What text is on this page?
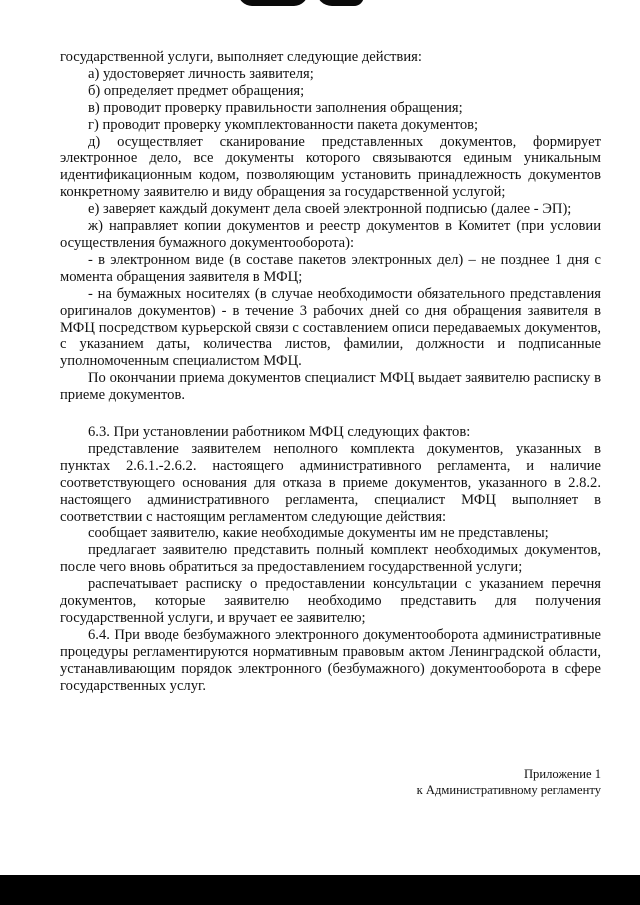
государственной услуги, выполняет следующие действия:

а) удостоверяет личность заявителя;

б) определяет предмет обращения;

в) проводит проверку правильности заполнения обращения;

г) проводит проверку укомплектованности пакета документов;

д) осуществляет сканирование представленных документов, формирует электронное дело, все документы которого связываются единым уникальным идентификационным кодом, позволяющим установить принадлежность документов конкретному заявителю и виду обращения за государственной услугой;

е) заверяет каждый документ дела своей электронной подписью (далее - ЭП);

ж) направляет копии документов и реестр документов в Комитет (при условии осуществления бумажного документооборота):

- в электронном виде (в составе пакетов электронных дел) – не позднее 1 дня с момента обращения заявителя в МФЦ;

- на бумажных носителях (в случае необходимости обязательного представления оригиналов документов) - в течение 3 рабочих дней со дня обращения заявителя в МФЦ посредством курьерской связи с составлением описи передаваемых документов, с указанием даты, количества листов, фамилии, должности и подписанные уполномоченным специалистом МФЦ.

По окончании приема документов специалист МФЦ выдает заявителю расписку в приеме документов.

6.3. При установлении работником МФЦ следующих фактов:

представление заявителем неполного комплекта документов, указанных в пунктах 2.6.1.-2.6.2. настоящего административного регламента, и наличие соответствующего основания для отказа в приеме документов, указанного в 2.8.2. настоящего административного регламента, специалист МФЦ выполняет в соответствии с настоящим регламентом следующие действия:

сообщает заявителю, какие необходимые документы им не представлены;

предлагает заявителю представить полный комплект необходимых документов, после чего вновь обратиться за предоставлением государственной услуги;

распечатывает расписку о предоставлении консультации с указанием перечня документов, которые заявителю необходимо представить для получения государственной услуги, и вручает ее заявителю;

6.4. При вводе безбумажного электронного документооборота административные процедуры регламентируются нормативным правовым актом Ленинградской области, устанавливающим порядок электронного (безбумажного) документооборота в сфере государственных услуг.

Приложение 1
к Административному регламенту
